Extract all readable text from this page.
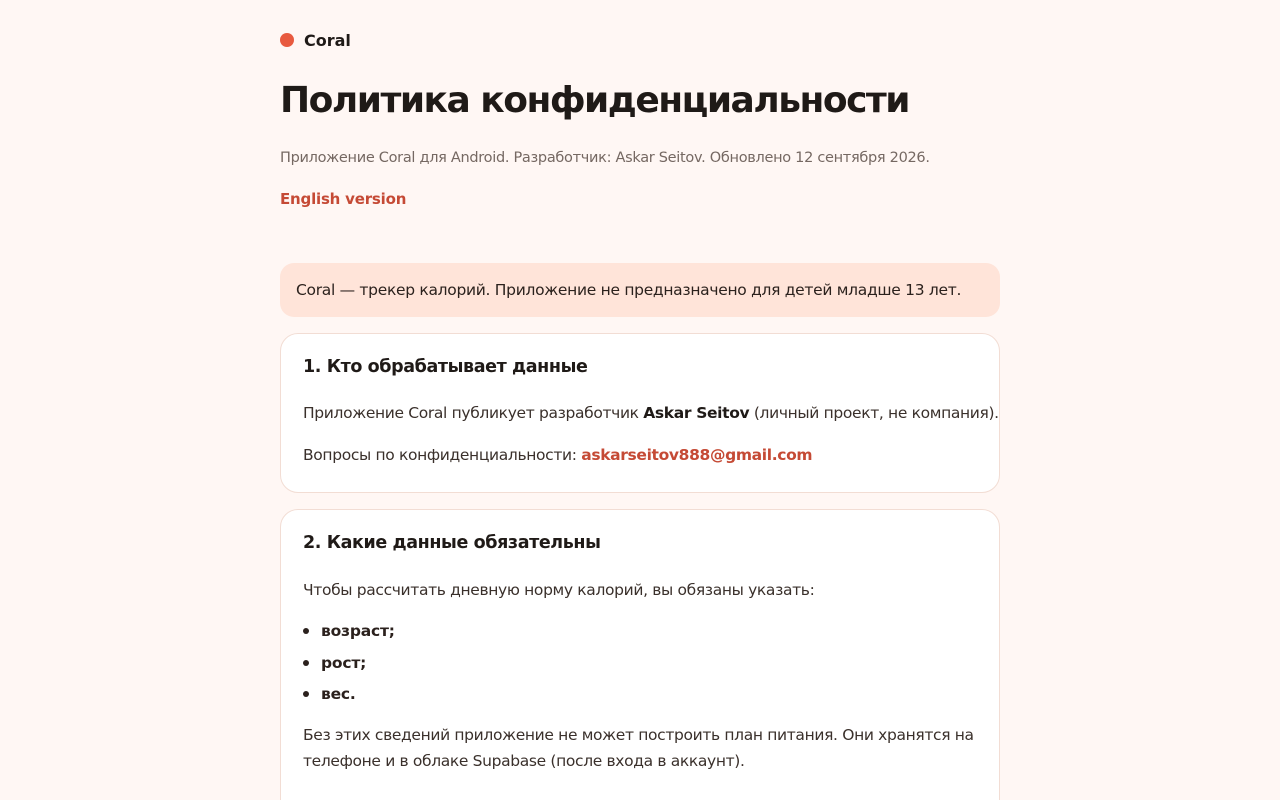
Coral
Политика конфиденциальности

Приложение Coral для Android. Разработчик: Askar Seitov. Обновлено 12 сентября 2026.

English version
Coral — трекер калорий. Приложение не предназначено для детей младше 13 лет.
1. Кто обрабатывает данные

Приложение Coral публикует разработчик Askar Seitov (личный проект, не компания).

Вопросы по конфиденциальности: askarseitov888@gmail.com

2. Какие данные обязательны

Чтобы рассчитать дневную норму калорий, вы обязаны указать:

возраст;
рост;
вес.

Без этих сведений приложение не может построить план питания. Они хранятся на

телефоне и в облаке Supabase (после входа в аккаунт).
